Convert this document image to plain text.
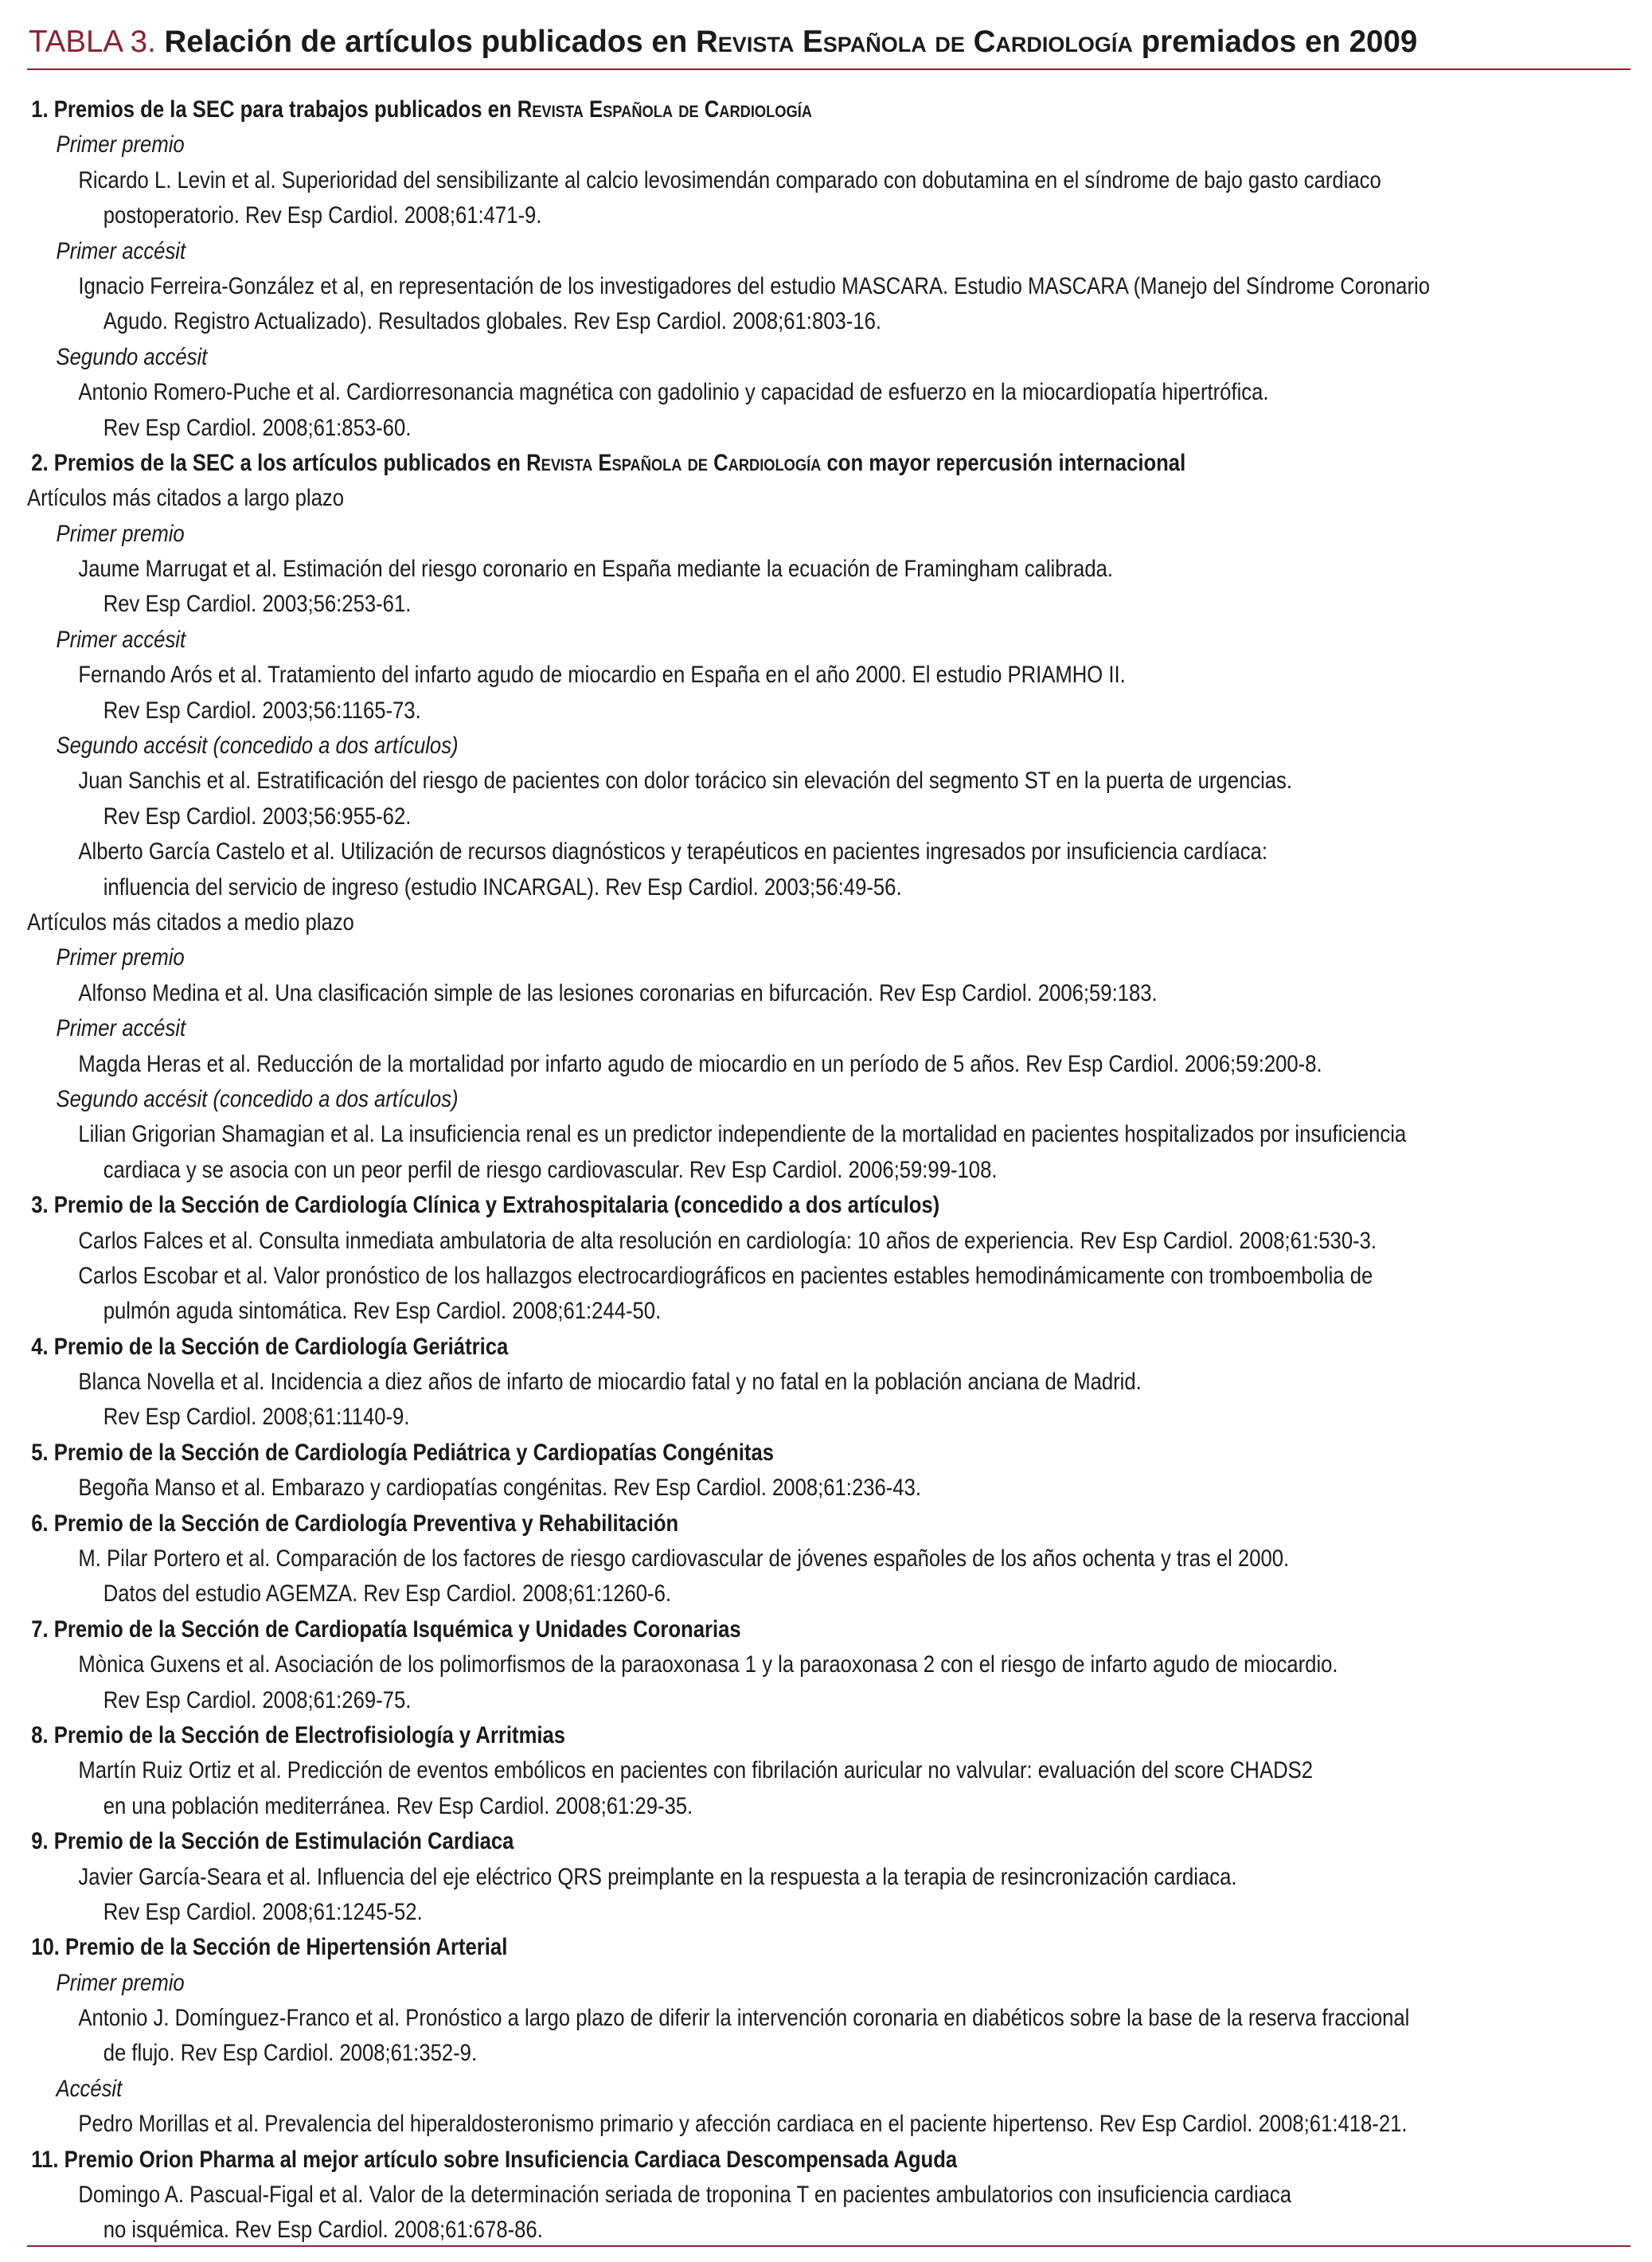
TABLA 3. Relación de artículos publicados en Revista Española de Cardiología premiados en 2009
1. Premios de la SEC para trabajos publicados en Revista Española de Cardiología
Primer premio
Ricardo L. Levin et al. Superioridad del sensibilizante al calcio levosimendán comparado con dobutamina en el síndrome de bajo gasto cardiaco
postoperatorio. Rev Esp Cardiol. 2008;61:471-9.
Primer accésit
Ignacio Ferreira-González et al, en representación de los investigadores del estudio MASCARA. Estudio MASCARA (Manejo del Síndrome Coronario
Agudo. Registro Actualizado). Resultados globales. Rev Esp Cardiol. 2008;61:803-16.
Segundo accésit
Antonio Romero-Puche et al. Cardiorresonancia magnética con gadolinio y capacidad de esfuerzo en la miocardiopatía hipertrófica.
Rev Esp Cardiol. 2008;61:853-60.
2. Premios de la SEC a los artículos publicados en Revista Española de Cardiología con mayor repercusión internacional
Artículos más citados a largo plazo
Primer premio
Jaume Marrugat et al. Estimación del riesgo coronario en España mediante la ecuación de Framingham calibrada.
Rev Esp Cardiol. 2003;56:253-61.
Primer accésit
Fernando Arós et al. Tratamiento del infarto agudo de miocardio en España en el año 2000. El estudio PRIAMHO II.
Rev Esp Cardiol. 2003;56:1165-73.
Segundo accésit (concedido a dos artículos)
Juan Sanchis et al. Estratificación del riesgo de pacientes con dolor torácico sin elevación del segmento ST en la puerta de urgencias.
Rev Esp Cardiol. 2003;56:955-62.
Alberto García Castelo et al. Utilización de recursos diagnósticos y terapéuticos en pacientes ingresados por insuficiencia cardíaca:
influencia del servicio de ingreso (estudio INCARGAL). Rev Esp Cardiol. 2003;56:49-56.
Artículos más citados a medio plazo
Primer premio
Alfonso Medina et al. Una clasificación simple de las lesiones coronarias en bifurcación. Rev Esp Cardiol. 2006;59:183.
Primer accésit
Magda Heras et al. Reducción de la mortalidad por infarto agudo de miocardio en un período de 5 años. Rev Esp Cardiol. 2006;59:200-8.
Segundo accésit (concedido a dos artículos)
Lilian Grigorian Shamagian et al. La insuficiencia renal es un predictor independiente de la mortalidad en pacientes hospitalizados por insuficiencia
cardiaca y se asocia con un peor perfil de riesgo cardiovascular. Rev Esp Cardiol. 2006;59:99-108.
3. Premio de la Sección de Cardiología Clínica y Extrahospitalaria (concedido a dos artículos)
Carlos Falces et al. Consulta inmediata ambulatoria de alta resolución en cardiología: 10 años de experiencia. Rev Esp Cardiol. 2008;61:530-3.
Carlos Escobar et al. Valor pronóstico de los hallazgos electrocardiográficos en pacientes estables hemodinámicamente con tromboembolia de
pulmón aguda sintomática. Rev Esp Cardiol. 2008;61:244-50.
4. Premio de la Sección de Cardiología Geriátrica
Blanca Novella et al. Incidencia a diez años de infarto de miocardio fatal y no fatal en la población anciana de Madrid.
Rev Esp Cardiol. 2008;61:1140-9.
5. Premio de la Sección de Cardiología Pediátrica y Cardiopatías Congénitas
Begoña Manso et al. Embarazo y cardiopatías congénitas. Rev Esp Cardiol. 2008;61:236-43.
6. Premio de la Sección de Cardiología Preventiva y Rehabilitación
M. Pilar Portero et al. Comparación de los factores de riesgo cardiovascular de jóvenes españoles de los años ochenta y tras el 2000.
Datos del estudio AGEMZA. Rev Esp Cardiol. 2008;61:1260-6.
7. Premio de la Sección de Cardiopatía Isquémica y Unidades Coronarias
Mònica Guxens et al. Asociación de los polimorfismos de la paraoxonasa 1 y la paraoxonasa 2 con el riesgo de infarto agudo de miocardio.
Rev Esp Cardiol. 2008;61:269-75.
8. Premio de la Sección de Electrofisiología y Arritmias
Martín Ruiz Ortiz et al. Predicción de eventos embólicos en pacientes con fibrilación auricular no valvular: evaluación del score CHADS2
en una población mediterránea. Rev Esp Cardiol. 2008;61:29-35.
9. Premio de la Sección de Estimulación Cardiaca
Javier García-Seara et al. Influencia del eje eléctrico QRS preimplante en la respuesta a la terapia de resincronización cardiaca.
Rev Esp Cardiol. 2008;61:1245-52.
10. Premio de la Sección de Hipertensión Arterial
Primer premio
Antonio J. Domínguez-Franco et al. Pronóstico a largo plazo de diferir la intervención coronaria en diabéticos sobre la base de la reserva fraccional
de flujo. Rev Esp Cardiol. 2008;61:352-9.
Accésit
Pedro Morillas et al. Prevalencia del hiperaldosteronismo primario y afección cardiaca en el paciente hipertenso. Rev Esp Cardiol. 2008;61:418-21.
11. Premio Orion Pharma al mejor artículo sobre Insuficiencia Cardiaca Descompensada Aguda
Domingo A. Pascual-Figal et al. Valor de la determinación seriada de troponina T en pacientes ambulatorios con insuficiencia cardiaca
no isquémica. Rev Esp Cardiol. 2008;61:678-86.
